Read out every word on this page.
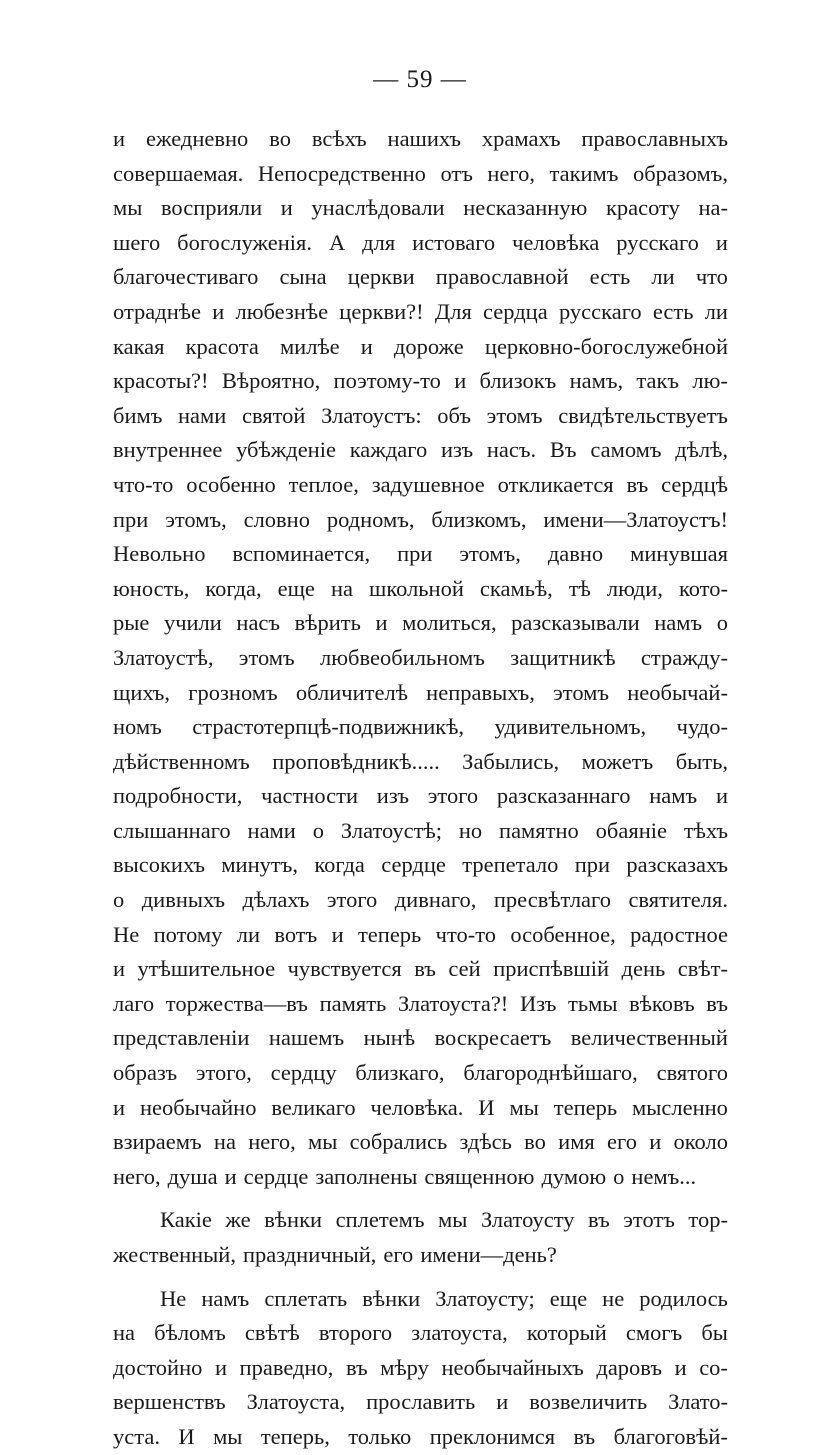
— 59 —
и ежедневно во всѣхъ нашихъ храмахъ православныхъ
совершаемая. Непосредственно отъ него, такимъ образомъ,
мы восприяли и унаслѣдовали несказанную красоту на-
шего богослуженія. А для истоваго человѣка русскаго и
благочестиваго сына церкви православной есть ли что
отраднѣе и любезнѣе церкви?! Для сердца русскаго есть ли
какая красота милѣе и дороже церковно-богослужебной
красоты?! Вѣроятно, поэтому-то и близокъ намъ, такъ лю-
бимъ нами святой Златоустъ: объ этомъ свидѣтельствуетъ
внутреннее убѣжденіе каждаго изъ насъ. Въ самомъ дѣлѣ,
что-то особенно теплое, задушевное откликается въ сердцѣ
при этомъ, словно родномъ, близкомъ, имени—Златоустъ!
Невольно вспоминается, при этомъ, давно минувшая
юность, когда, еще на школьной скамьѣ, тѣ люди, кото-
рые учили насъ вѣрить и молиться, разсказывали намъ о
Златоустѣ, этомъ любвеобильномъ защитникѣ стражду-
щихъ, грозномъ обличителѣ неправыхъ, этомъ необычай-
номъ страстотерпцѣ-подвижникѣ, удивительномъ, чудо-
дѣйственномъ проповѣдникѣ..... Забылись, можетъ быть,
подробности, частности изъ этого разсказаннаго намъ и
слышаннаго нами о Златоустѣ; но памятно обаяніе тѣхъ
высокихъ минутъ, когда сердце трепетало при разсказахъ
о дивныхъ дѣлахъ этого дивнаго, пресвѣтлаго святителя.
Не потому ли вотъ и теперь что-то особенное, радостное
и утѣшительное чувствуется въ сей приспѣвшій день свѣт-
лаго торжества—въ память Златоуста?! Изъ тьмы вѣковъ въ
представленіи нашемъ нынѣ воскресаетъ величественный
образъ этого, сердцу близкаго, благороднѣйшаго, святого
и необычайно великаго человѣка. И мы теперь мысленно
взираемъ на него, мы собрались здѣсь во имя его и около
него, душа и сердце заполнены священною думою о немъ...
Какіе же вѣнки сплетемъ мы Златоусту въ этотъ тор-
жественный, праздничный, его имени—день?
Не намъ сплетать вѣнки Златоусту; еще не родилось
на бѣломъ свѣтѣ второго златоуста, который смогъ бы
достойно и праведно, въ мѣру необычайныхъ даровъ и со-
вершенствъ Златоуста, прославить и возвеличить Злато-
уста. И мы теперь, только преклонимся въ благоговѣй-
